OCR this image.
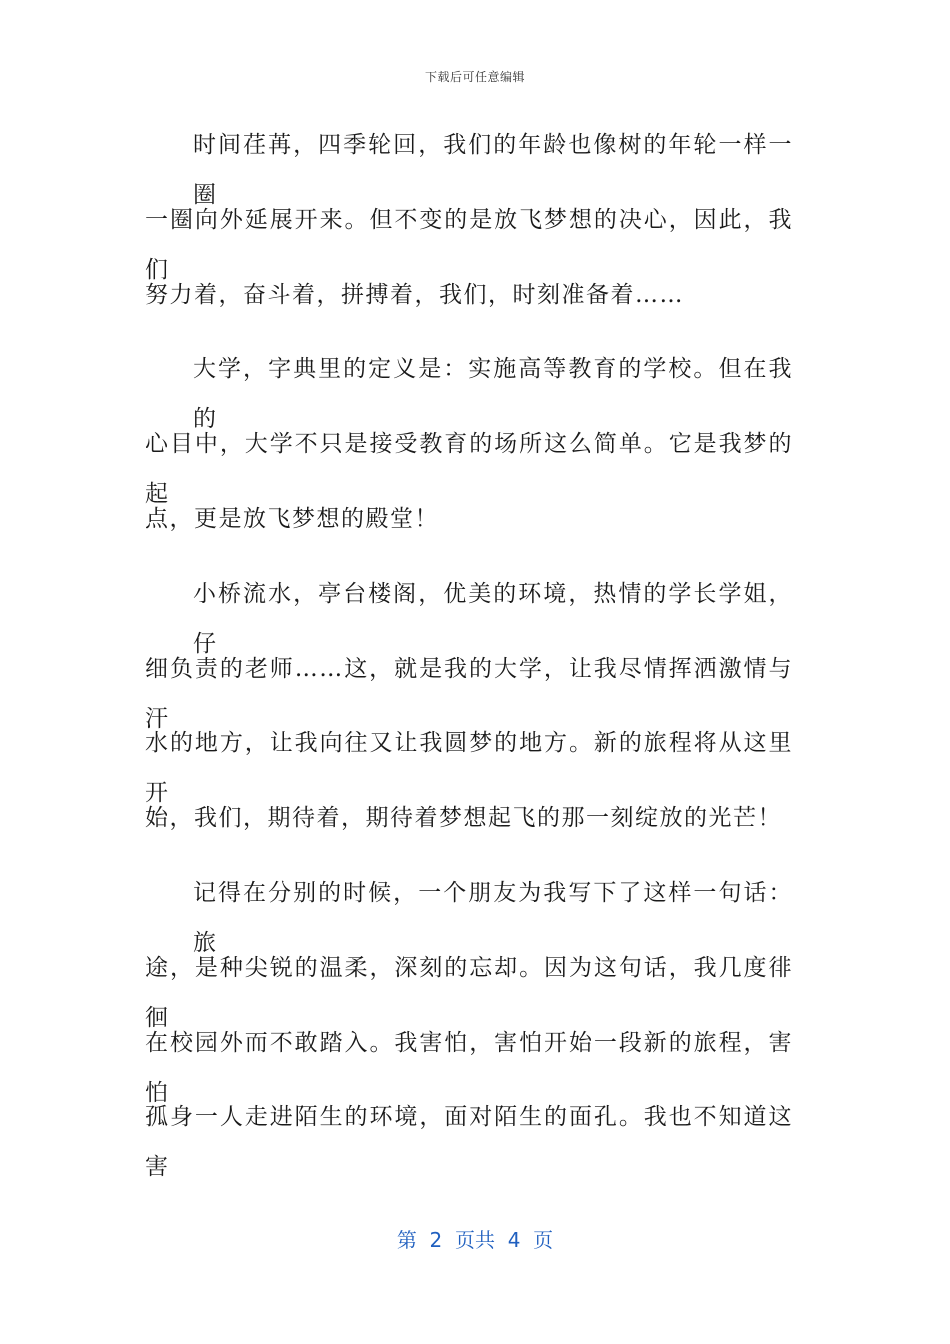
下载后可任意编辑
时间荏苒，四季轮回，我们的年龄也像树的年轮一样一圈
一圈向外延展开来。但不变的是放飞梦想的决心，因此，我们
努力着，奋斗着，拼搏着，我们，时刻准备着……
大学，字典里的定义是：实施高等教育的学校。但在我的
心目中，大学不只是接受教育的场所这么简单。它是我梦的起
点，更是放飞梦想的殿堂！
小桥流水，亭台楼阁，优美的环境，热情的学长学姐，仔
细负责的老师……这，就是我的大学，让我尽情挥洒激情与汗
水的地方，让我向往又让我圆梦的地方。新的旅程将从这里开
始，我们，期待着，期待着梦想起飞的那一刻绽放的光芒！
记得在分别的时候，一个朋友为我写下了这样一句话：旅
途，是种尖锐的温柔，深刻的忘却。因为这句话，我几度徘徊
在校园外而不敢踏入。我害怕，害怕开始一段新的旅程，害怕
孤身一人走进陌生的环境，面对陌生的面孔。我也不知道这害
第  2  页共  4  页
